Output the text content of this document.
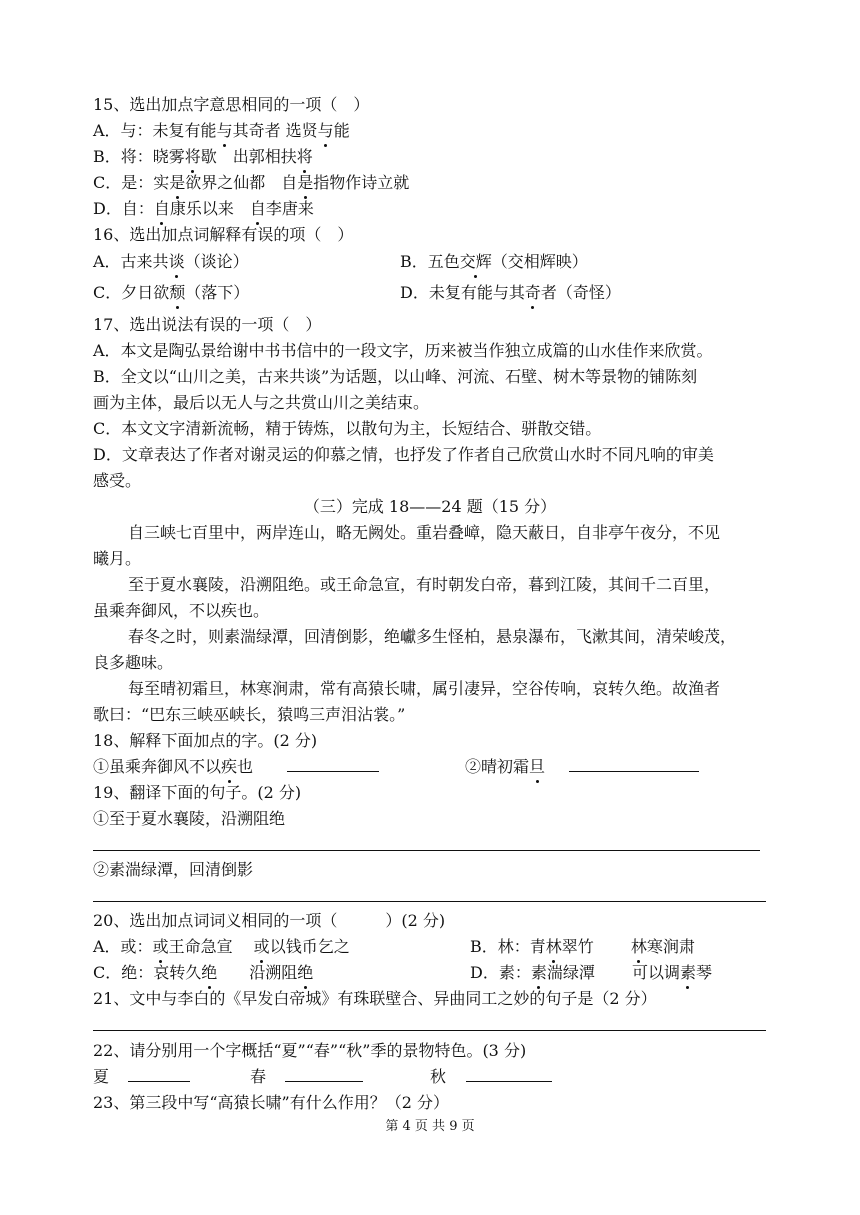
15、选出加点字意思相同的一项（　）
A．与：未复有能与其奇者 选贤与能
B．将：晓雾将歇　出郭相扶将
C．是：实是欲界之仙都　自是指物作诗立就
D．自：自康乐以来　自李唐来
16、选出加点词解释有误的项（　）
A．古来共谈（谈论）	B．五色交辉（交相辉映）
C．夕日欲颓（落下）	D．未复有能与其奇者（奇怪）
17、选出说法有误的一项（　）
A．本文是陶弘景给谢中书书信中的一段文字，历来被当作独立成篇的山水佳作来欣赏。
B．全文以“山川之美，古来共谈”为话题，以山峰、河流、石壁、树木等景物的铺陈刻
画为主体，最后以无人与之共赏山川之美结束。
C．本文文字清新流畅，精于铸炼，以散句为主，长短结合、骈散交错。
D．文章表达了作者对谢灵运的仰慕之情，也抒发了作者自己欣赏山水时不同凡响的审美
感受。
（三）完成 18——24 题（15 分）
自三峡七百里中，两岸连山，略无阙处。重岩叠嶂，隐天蔽日，自非亭午夜分，不见
曦月。
至于夏水襄陵，沿溯阻绝。或王命急宣，有时朝发白帝，暮到江陵，其间千二百里，
虽乘奔御风，不以疾也。
春冬之时，则素湍绿潭，回清倒影，绝巘多生怪柏，悬泉瀑布，飞漱其间，清荣峻茂，
良多趣味。
每至晴初霜旦，林寒涧肃，常有高猿长啸，属引凄异，空谷传响，哀转久绝。故渔者
歌曰：“巴东三峡巫峡长，猿鸣三声泪沾裳。”
18、解释下面加点的字。(2 分)
①虽乘奔御风不以疾也	②晴初霜旦
19、翻译下面的句子。(2 分)
①至于夏水襄陵，沿溯阻绝
②素湍绿潭，回清倒影
20、选出加点词词义相同的一项（　　　）(2 分)
A．或：或王命急宣　 或以钱币乞之	B．林：青林翠竹　　 林寒涧肃
C．绝：哀转久绝　　沿溯阻绝	D．素：素湍绿潭　　 可以调素琴
21、文中与李白的《早发白帝城》有珠联壁合、异曲同工之妙的句子是（2 分）
22、请分别用一个字概括“夏”“春”“秋”季的景物特色。(3 分)
夏	春	秋
23、第三段中写“高猿长啸”有什么作用？（2 分）
第 4 页 共 9 页
